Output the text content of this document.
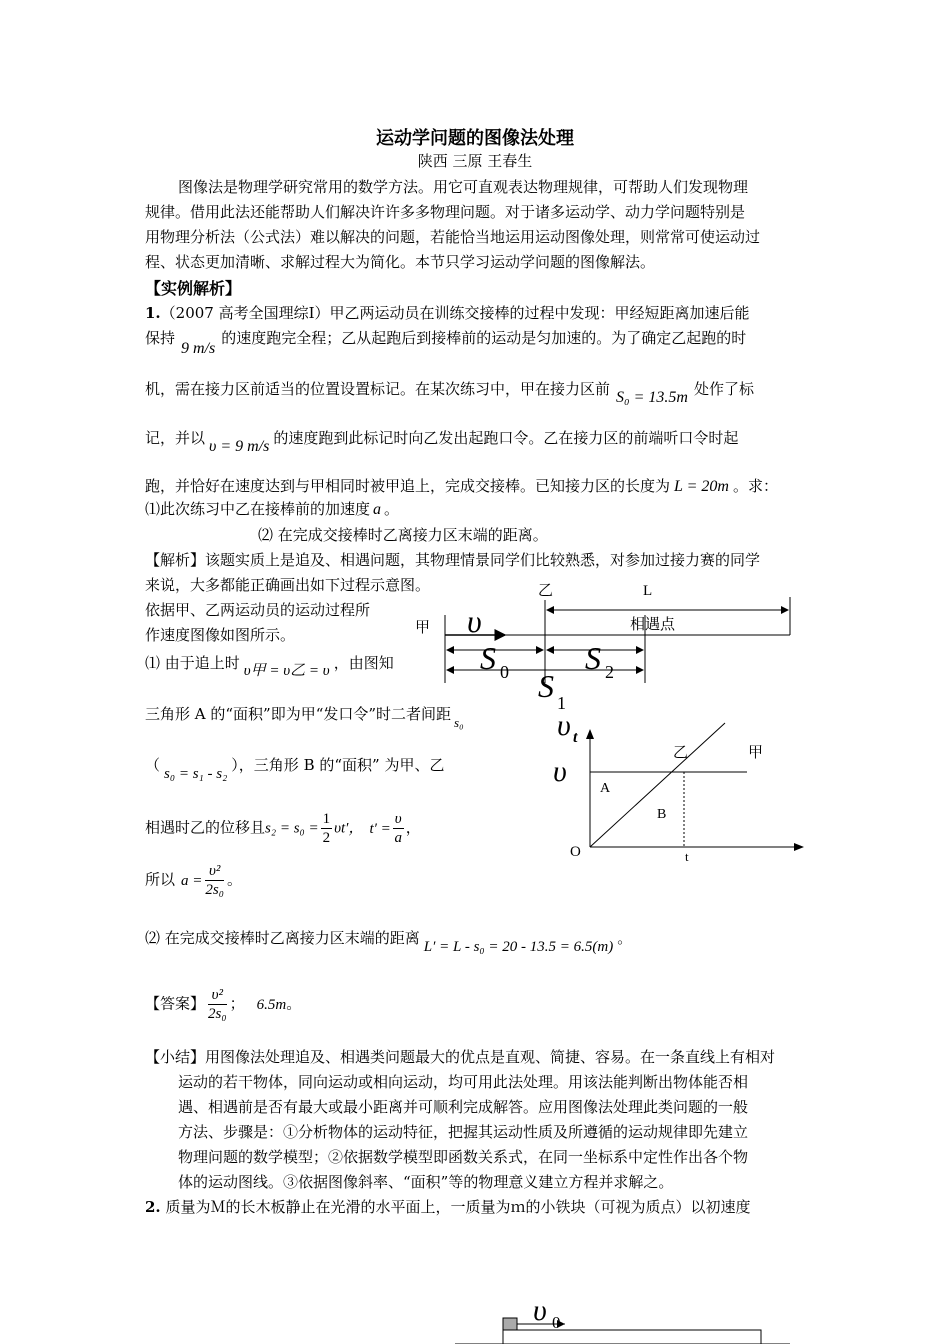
运动学问题的图像法处理
陕西 三原 王春生
图像法是物理学研究常用的数学方法。用它可直观表达物理规律，可帮助人们发现物理
规律。借用此法还能帮助人们解决许许多多物理问题。对于诸多运动学、动力学问题特别是
用物理分析法（公式法）难以解决的问题，若能恰当地运用运动图像处理，则常常可使运动过
程、状态更加清晰、求解过程大为简化。本节只学习运动学问题的图像解法。
【实例解析】
1.（2007 高考全国理综Ⅰ）甲乙两运动员在训练交接棒的过程中发现：甲经短距离加速后能
保持9 m/s的速度跑完全程；乙从起跑后到接棒前的运动是匀加速的。为了确定乙起跑的时
机，需在接力区前适当的位置设置标记。在某次练习中，甲在接力区前 S₀ = 13.5m 处作了标
记，并以 υ = 9 m/s 的速度跑到此标记时向乙发出起跑口令。乙在接力区的前端听口令时起
跑，并恰好在速度达到与甲相同时被甲追上，完成交接棒。已知接力区的长度为 L = 20m 。求：
⑴此次练习中乙在接棒前的加速度 a 。
⑵ 在完成交接棒时乙离接力区末端的距离。
【解析】该题实质上是追及、相遇问题，其物理情景同学们比较熟悉，对参加过接力赛的同学
来说，大多都能正确画出如下过程示意图。
依据甲、乙两运动员的运动过程所
作速度图像如图所示。
⑴ 由于追上时 υ甲 = υ乙 = υ ，由图知
三角形 A 的“面积”即为甲“发口令”时二者间距 s₀
（ s₀ = s₁ - s₂ ），三角形 B 的“面积” 为甲、乙
相遇时乙的位移且$s_2 = s_0 = \frac{1}{2} \upsilon t'$， $t' = \frac{\upsilon}{a}$ ，
所以 $a = \frac{\text{υ²}}{\text{2s₀}}$ 。
⑵ 在完成交接棒时乙离接力区末端的距离 L′ = L - s₀ = 20 - 13.5 = 6.5(m) 。
【答案】 $\frac{\text{υ²}}{\text{2s₀}}$ ； 6.5m。
【小结】用图像法处理追及、相遇类问题最大的优点是直观、简捷、容易。在一条直线上有相对
运动的若干物体，同向运动或相向运动，均可用此法处理。用该法能判断出物体能否相
遇、相遇前是否有最大或最小距离并可顺利完成解答。应用图像法处理此类问题的一般
方法、步骤是：①分析物体的运动特征，把握其运动性质及所遵循的运动规律即先建立
物理问题的数学模型；②依据数学模型即函数关系式，在同一坐标系中定性作出各个物
体的运动图线。③依据图像斜率、“面积”等的物理意义建立方程并求解之。
2. 质量为Ｍ的长木板静止在光滑的水平面上，一质量为ｍ的小铁块（可视为质点）以初速度
甲
乙	L
相遇点
υ
S 0 S 2
S 1
υ t
υ
O	t
A
B
乙	甲
υ 0
